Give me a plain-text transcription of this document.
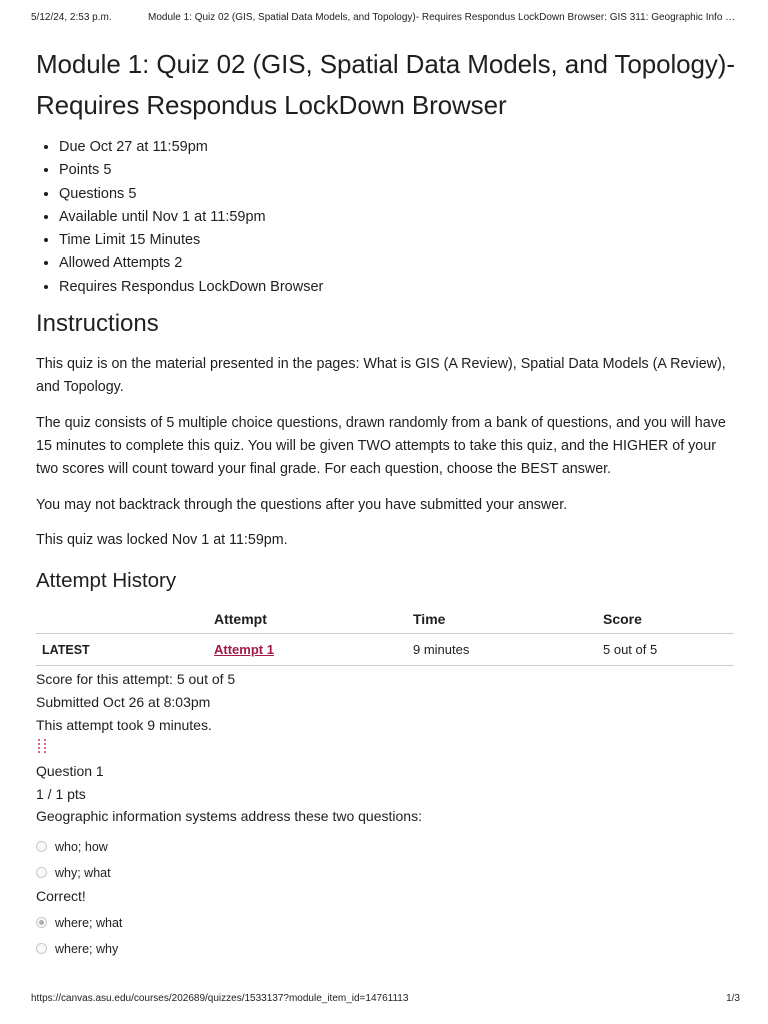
5/12/24, 2:53 p.m.	Module 1: Quiz 02 (GIS, Spatial Data Models, and Topology)- Requires Respondus LockDown Browser: GIS 311: Geographic Info …
Module 1: Quiz 02 (GIS, Spatial Data Models, and Topology)- Requires Respondus LockDown Browser
• Due Oct 27 at 11:59pm
• Points 5
• Questions 5
• Available until Nov 1 at 11:59pm
• Time Limit 15 Minutes
• Allowed Attempts 2
• Requires Respondus LockDown Browser
Instructions

This quiz is on the material presented in the pages: What is GIS (A Review), Spatial Data Models (A Review), and Topology.

The quiz consists of 5 multiple choice questions, drawn randomly from a bank of questions, and you will have 15 minutes to complete this quiz. You will be given TWO attempts to take this quiz, and the HIGHER of your two scores will count toward your final grade. For each question, choose the BEST answer.

You may not backtrack through the questions after you have submitted your answer.

This quiz was locked Nov 1 at 11:59pm.

Attempt History
	Attempt	Time	Score
LATEST	Attempt 1	9 minutes	5 out of 5
Score for this attempt: 5 out of 5
Submitted Oct 26 at 8:03pm
This attempt took 9 minutes.
Question 1
1 / 1 pts
Geographic information systems address these two questions:
who; how
why; what
Correct!
where; what
where; why
https://canvas.asu.edu/courses/202689/quizzes/1533137?module_item_id=14761113	1/3
